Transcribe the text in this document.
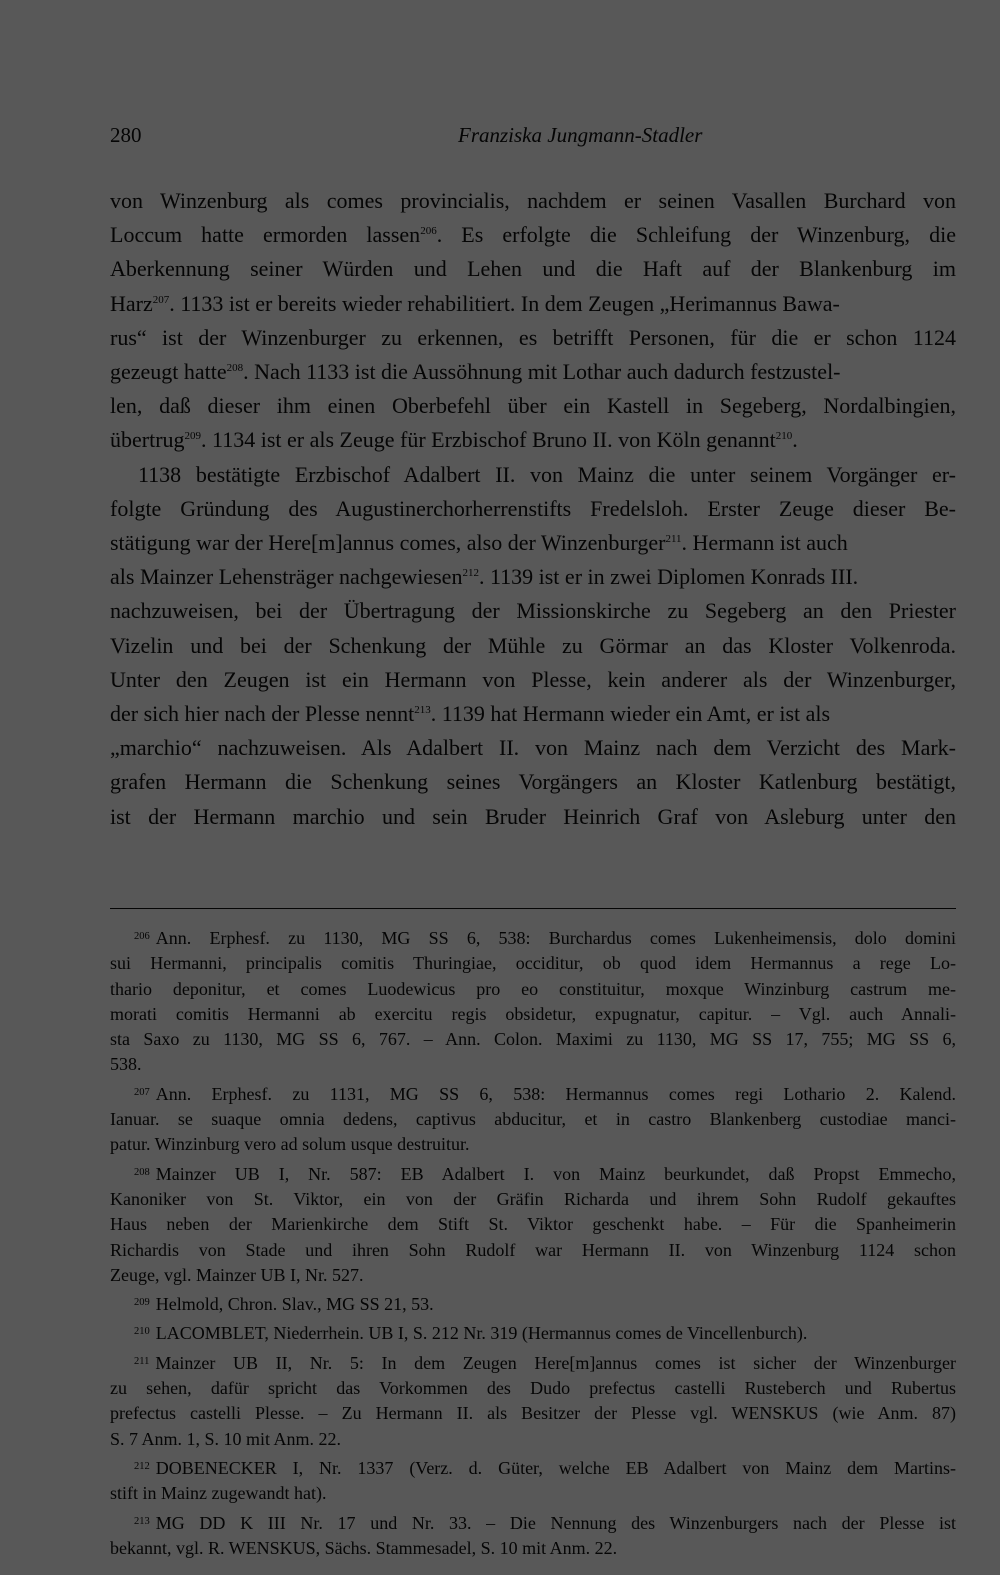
280	Franziska Jungmann-Stadler
von Winzenburg als comes provincialis, nachdem er seinen Vasallen Burchard von
Loccum hatte ermorden lassen$^{206}$. Es erfolgte die Schleifung der Winzenburg, die
Aberkennung seiner Würden und Lehen und die Haft auf der Blankenburg im
Harz$^{207}$. 1133 ist er bereits wieder rehabilitiert. In dem Zeugen „Herimannus Bawa-
rus“ ist der Winzenburger zu erkennen, es betrifft Personen, für die er schon 1124
gezeugt hatte$^{208}$. Nach 1133 ist die Aussöhnung mit Lothar auch dadurch festzustel-
len, daß dieser ihm einen Oberbefehl über ein Kastell in Segeberg, Nordalbingien,
übertrug$^{209}$. 1134 ist er als Zeuge für Erzbischof Bruno II. von Köln genannt$^{210}$.
1138 bestätigte Erzbischof Adalbert II. von Mainz die unter seinem Vorgänger er-
folgte Gründung des Augustinerchorherrenstifts Fredelsloh. Erster Zeuge dieser Be-
stätigung war der Here[m]annus comes, also der Winzenburger$^{211}$. Hermann ist auch
als Mainzer Lehensträger nachgewiesen$^{212}$. 1139 ist er in zwei Diplomen Konrads III.
nachzuweisen, bei der Übertragung der Missionskirche zu Segeberg an den Priester
Vizelin und bei der Schenkung der Mühle zu Görmar an das Kloster Volkenroda.
Unter den Zeugen ist ein Hermann von Plesse, kein anderer als der Winzenburger,
der sich hier nach der Plesse nennt$^{213}$. 1139 hat Hermann wieder ein Amt, er ist als
„marchio“ nachzuweisen. Als Adalbert II. von Mainz nach dem Verzicht des Mark-
grafen Hermann die Schenkung seines Vorgängers an Kloster Katlenburg bestätigt,
ist der Hermann marchio und sein Bruder Heinrich Graf von Asleburg unter den
$^{206}$ Ann. Erphesf. zu 1130, MG SS 6, 538: Burchardus comes Lukenheimensis, dolo domini
sui Hermanni, principalis comitis Thuringiae, occiditur, ob quod idem Hermannus a rege Lo-
thario deponitur, et comes Luodewicus pro eo constituitur, moxque Winzinburg castrum me-
morati comitis Hermanni ab exercitu regis obsidetur, expugnatur, capitur. – Vgl. auch Annali-
sta Saxo zu 1130, MG SS 6, 767. – Ann. Colon. Maximi zu 1130, MG SS 17, 755; MG SS 6,
538.
$^{207}$ Ann. Erphesf. zu 1131, MG SS 6, 538: Hermannus comes regi Lothario 2. Kalend.
Ianuar. se suaque omnia dedens, captivus abducitur, et in castro Blankenberg custodiae manci-
patur. Winzinburg vero ad solum usque destruitur.
$^{208}$ Mainzer UB I, Nr. 587: EB Adalbert I. von Mainz beurkundet, daß Propst Emmecho,
Kanoniker von St. Viktor, ein von der Gräfin Richarda und ihrem Sohn Rudolf gekauftes
Haus neben der Marienkirche dem Stift St. Viktor geschenkt habe. – Für die Spanheimerin
Richardis von Stade und ihren Sohn Rudolf war Hermann II. von Winzenburg 1124 schon
Zeuge, vgl. Mainzer UB I, Nr. 527.
$^{209}$ Helmold, Chron. Slav., MG SS 21, 53.
$^{210}$ LACOMBLET, Niederrhein. UB I, S. 212 Nr. 319 (Hermannus comes de Vincellenburch).
$^{211}$ Mainzer UB II, Nr. 5: In dem Zeugen Here[m]annus comes ist sicher der Winzenburger
zu sehen, dafür spricht das Vorkommen des Dudo prefectus castelli Rusteberch und Rubertus
prefectus castelli Plesse. – Zu Hermann II. als Besitzer der Plesse vgl. WENSKUS (wie Anm. 87)
S. 7 Anm. 1, S. 10 mit Anm. 22.
$^{212}$ DOBENECKER I, Nr. 1337 (Verz. d. Güter, welche EB Adalbert von Mainz dem Martins-
stift in Mainz zugewandt hat).
$^{213}$ MG DD K III Nr. 17 und Nr. 33. – Die Nennung des Winzenburgers nach der Plesse ist
bekannt, vgl. R. WENSKUS, Sächs. Stammesadel, S. 10 mit Anm. 22.
